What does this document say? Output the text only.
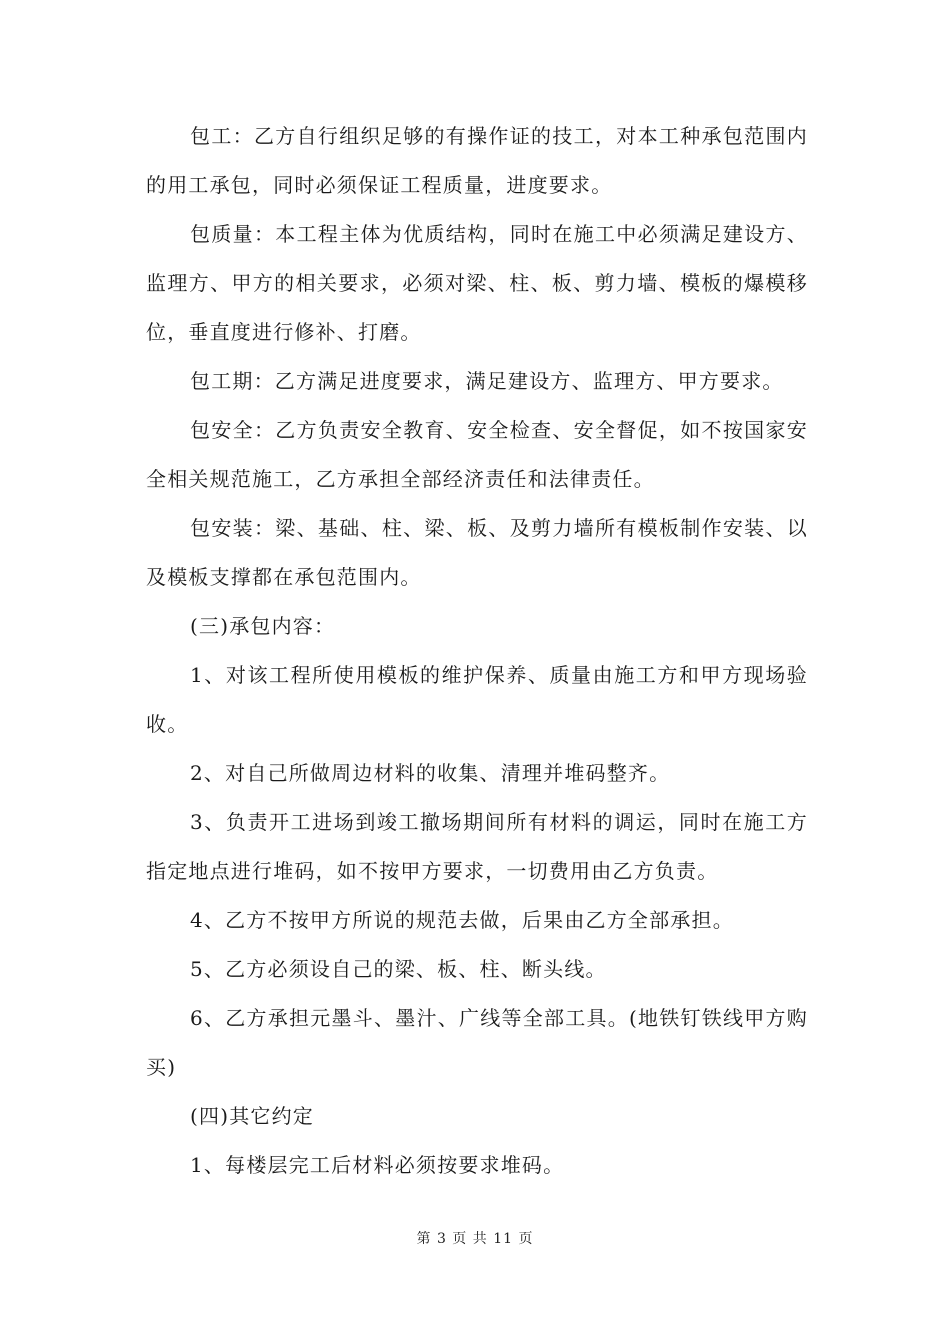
包工：乙方自行组织足够的有操作证的技工，对本工种承包范围内的用工承包，同时必须保证工程质量，进度要求。

包质量：本工程主体为优质结构，同时在施工中必须满足建设方、监理方、甲方的相关要求，必须对梁、柱、板、剪力墙、模板的爆模移位，垂直度进行修补、打磨。

包工期：乙方满足进度要求，满足建设方、监理方、甲方要求。

包安全：乙方负责安全教育、安全检查、安全督促，如不按国家安全相关规范施工，乙方承担全部经济责任和法律责任。

包安装：梁、基础、柱、梁、板、及剪力墙所有模板制作安装、以及模板支撑都在承包范围内。

(三)承包内容：

1、对该工程所使用模板的维护保养、质量由施工方和甲方现场验收。

2、对自己所做周边材料的收集、清理并堆码整齐。

3、负责开工进场到竣工撤场期间所有材料的调运，同时在施工方指定地点进行堆码，如不按甲方要求，一切费用由乙方负责。

4、乙方不按甲方所说的规范去做，后果由乙方全部承担。

5、乙方必须设自己的梁、板、柱、断头线。

6、乙方承担元墨斗、墨汁、广线等全部工具。(地铁钉铁线甲方购买)

(四)其它约定

1、每楼层完工后材料必须按要求堆码。

第 3 页 共 11 页
